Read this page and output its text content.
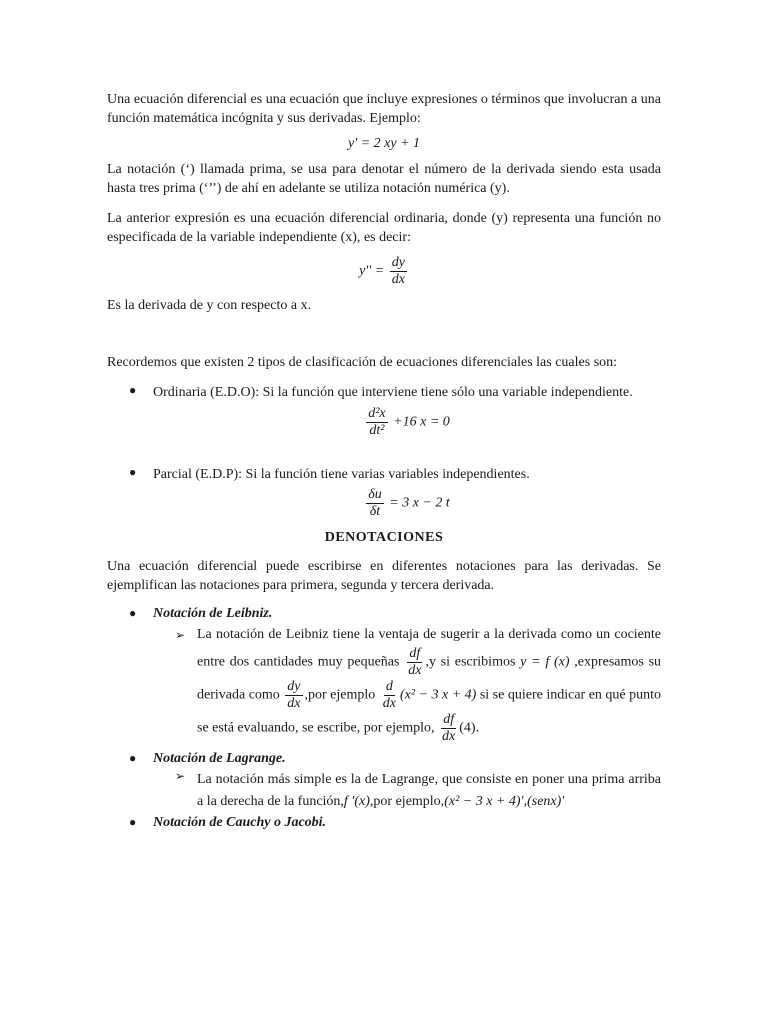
Una ecuación diferencial es una ecuación que incluye expresiones o términos que involucran a una función matemática incógnita y sus derivadas. Ejemplo:

y' = 2 xy + 1

La notación (‘) llamada prima, se usa para denotar el número de la derivada siendo esta usada hasta tres prima (‘’’) de ahí en adelante se utiliza notación numérica (y).

La anterior expresión es una ecuación diferencial ordinaria, donde (y) representa una función no especificada de la variable independiente (x), es decir:

$y'' = \frac{dy}{dx}$

Es la derivada de y con respecto a x.

Recordemos que existen 2 tipos de clasificación de ecuaciones diferenciales las cuales son:

● Ordinaria (E.D.O): Si la función que interviene tiene sólo una variable independiente.

$\frac{\text{d²x}}{\text{dt²}} +16$ x = 0
● Parcial (E.D.P): Si la función tiene varias variables independientes.

$\frac{\delta u}{\delta t} = 3$ x − 2 t

DENOTACIONES

Una ecuación diferencial puede escribirse en diferentes notaciones para las derivadas. Se ejemplifican las notaciones para primera, segunda y tercera derivada.

● Notación de Leibniz.
➢ La notación de Leibniz tiene la ventaja de sugerir a la derivada como un cociente entre dos cantidades muy pequeñas $\frac{df}{dx} ,y$ si escribimos y = f (x) ,expresamos su derivada como $\frac{dy}{dx} ,por$ ejemplo $\frac{d}{dx} (x^2 - 3$ x + 4) si se quiere indicar en qué punto se está evaluando, se escribe, por ejemplo, $\frac{df}{dx} (4)$.
● Notación de Lagrange.
➢ La notación más simple es la de Lagrange, que consiste en poner una prima arriba a la derecha de la función,f ′(x),por ejemplo,(x² − 3 x + 4)′,(senx)′

● Notación de Cauchy o Jacobi.
